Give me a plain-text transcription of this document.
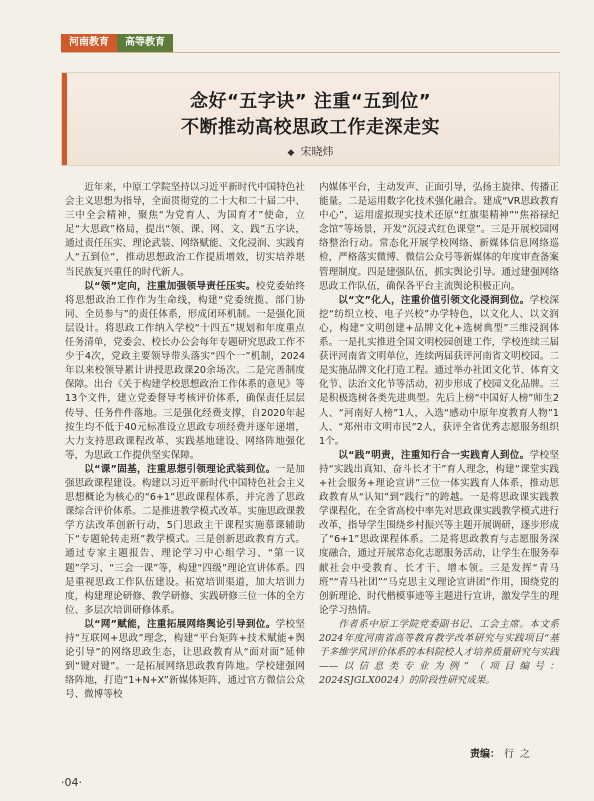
河南教育	高等教育
念好“五字诀” 注重“五到位”
不断推动高校思政工作走深走实
◆ 宋晓炜

近年来，中原工学院坚持以习近平新时代中国特色社会主义思想为指导，全面贯彻党的二十大和二十届二中、三中全会精神，聚焦“为党育人、为国育才”使命，立足“大思政”格局，提出“领、课、网、文、践”五字诀，通过责任压实、理论武装、网络赋能、文化浸润、实践育人“五到位”，推动思想政治工作提质增效，切实培养堪当民族复兴重任的时代新人。

以“领”定向，注重加强领导责任压实。校党委始终将思想政治工作作为生命线，构建“党委统揽、部门协同、全员参与”的责任体系，形成闭环机制。一是强化顶层设计。将思政工作纳入学校“十四五”规划和年度重点任务清单，党委会、校长办公会每年专题研究思政工作不少于4次，党政主要领导带头落实“四个一”机制，2024年以来校领导累计讲授思政课20余场次。二是完善制度保障。出台《关于构建学校思想政治工作体系的意见》等13个文件，建立党委督导考核评价体系，确保责任层层传导、任务件件落地。三是强化经费支撑，自2020年起按生均不低于40元标准设立思政专项经费并逐年递增，大力支持思政课程改革、实践基地建设、网络阵地强化等，为思政工作提供坚实保障。

以“课”固基，注重思想引领理论武装到位。一是加强思政课程建设。构建以习近平新时代中国特色社会主义思想概论为核心的“6+1”思政课程体系，并完善了思政课综合评价体系。二是推进教学模式改革。实施思政课教学方法改革创新行动，5门思政主干课程实施慕课辅助下“专题轮转走班”教学模式。三是创新思政教育方式。通过专家主题报告、理论学习中心组学习、“第一议题”学习、“三会一课”等，构建“四级”理论宣讲体系。四是重视思政工作队伍建设。拓宽培训渠道，加大培训力度，构建理论研修、教学研修、实践研修三位一体的全方位、多层次培训研修体系。

以“网”赋能，注重拓展网络舆论引导到位。学校坚持“互联网+思政”理念，构建“平台矩阵+技术赋能+舆论引导”的网络思政生态，让思政教育从“面对面”延伸到“键对键”。一是拓展网络思政教育阵地。学校建强网络阵地，打造“1+N+X”新媒体矩阵，通过官方微信公众号、微博等校

内媒体平台，主动发声、正面引导，弘扬主旋律、传播正能量。二是运用数字化技术强化融合。建成“VR思政教育中心”，运用虚拟现实技术还原“红旗渠精神”“焦裕禄纪念馆”等场景，开发“沉浸式红色课堂”。三是开展校园网络整治行动。常态化开展学校网络、新媒体信息网络巡检，严格落实微博、微信公众号等新媒体的年度审查备案管理制度。四是建强队伍，抓实舆论引导。通过建强网络思政工作队伍，确保各平台主流舆论积极正向。

以“文”化人，注重价值引领文化浸润到位。学校深挖“纺织立校、电子兴校”办学特色，以文化人、以文润心，构建“文明创建+品牌文化+选树典型”三维浸润体系。一是扎实推进全国文明校园创建工作，学校连续三届获评河南省文明单位，连续两届获评河南省文明校园。二是实施品牌文化打造工程。通过举办社团文化节、体育文化节、法治文化节等活动，初步形成了校园文化品牌。三是积极选树各类先进典型。先后上榜“中国好人榜”师生2人、“河南好人榜”1人，入选“感动中原年度教育人物”1人、“郑州市文明市民”2人，获评全省优秀志愿服务组织1个。

以“践”明责，注重知行合一实践育人到位。学校坚持“实践出真知、奋斗长才干”育人理念，构建“课堂实践+社会服务+理论宣讲”三位一体实践育人体系，推动思政教育从“认知”到“践行”的跨越。一是将思政课实践教学课程化，在全省高校中率先对思政课实践教学模式进行改革，指导学生围绕乡村振兴等主题开展调研，逐步形成了“6+1”思政课程体系。二是将思政教育与志愿服务深度融合，通过开展常态化志愿服务活动，让学生在服务奉献社会中受教育、长才干、增本领。三是发挥“青马班”“青马社团”“马克思主义理论宣讲团”作用，围绕党的创新理论、时代楷模事迹等主题进行宣讲，激发学生的理论学习热情。

作者系中原工学院党委副书记、工会主席。本文系2024年度河南省高等教育教学改革研究与实践项目“基于多维学风评价体系的本科院校人才培养质量研究与实践——以信息类专业为例”（项目编号：2024SJGLX0024）的阶段性研究成果。

责编： 行之
·04·
